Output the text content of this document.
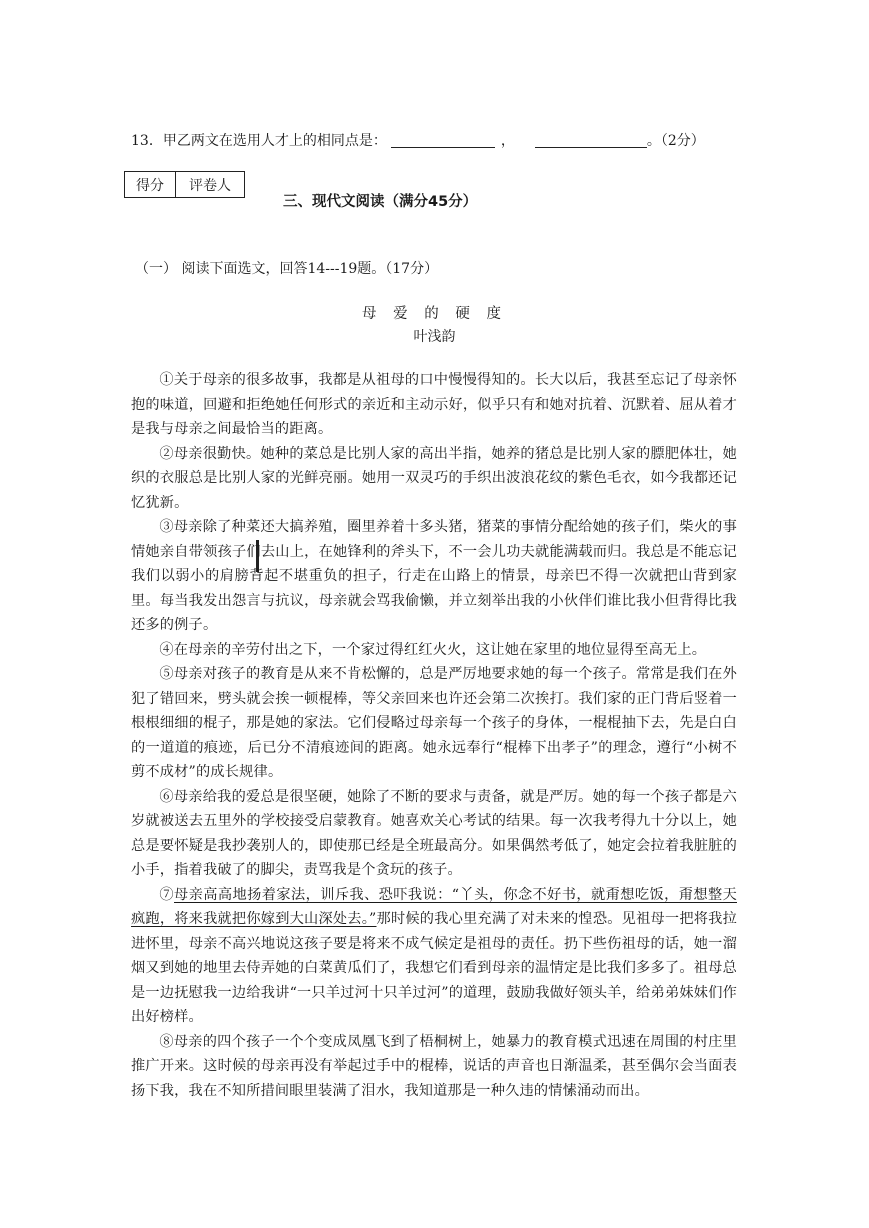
13．甲乙两文在选用人才上的相同点是：	，	。（2分）
得分	评卷人

三、现代文阅读（满分45分）
（一） 阅读下面选文，回答14---19题。（17分）
母 爱 的 硬 度
叶浅韵

①关于母亲的很多故事，我都是从祖母的口中慢慢得知的。长大以后，我甚至忘记了母亲怀抱的味道，回避和拒绝她任何形式的亲近和主动示好，似乎只有和她对抗着、沉默着、屈从着才是我与母亲之间最恰当的距离。

②母亲很勤快。她种的菜总是比别人家的高出半指，她养的猪总是比别人家的膘肥体壮，她织的衣服总是比别人家的光鲜亮丽。她用一双灵巧的手织出波浪花纹的紫色毛衣，如今我都还记忆犹新。

③母亲除了种菜还大搞养殖，圈里养着十多头猪，猪菜的事情分配给她的孩子们，柴火的事情她亲自带领孩子们去山上，在她锋利的斧头下，不一会儿功夫就能满载而归。我总是不能忘记我们以弱小的肩膀背起不堪重负的担子，行走在山路上的情景，母亲巴不得一次就把山背到家里。每当我发出怨言与抗议，母亲就会骂我偷懒，并立刻举出我的小伙伴们谁比我小但背得比我还多的例子。

④在母亲的辛劳付出之下，一个家过得红红火火，这让她在家里的地位显得至高无上。

⑤母亲对孩子的教育是从来不肯松懈的，总是严厉地要求她的每一个孩子。常常是我们在外犯了错回来，劈头就会挨一顿棍棒，等父亲回来也许还会第二次挨打。我们家的正门背后竖着一根根细细的棍子，那是她的家法。它们侵略过母亲每一个孩子的身体，一棍棍抽下去，先是白白的一道道的痕迹，后已分不清痕迹间的距离。她永远奉行“棍棒下出孝子”的理念，遵行“小树不剪不成材”的成长规律。

⑥母亲给我的爱总是很坚硬，她除了不断的要求与责备，就是严厉。她的每一个孩子都是六岁就被送去五里外的学校接受启蒙教育。她喜欢关心考试的结果。每一次我考得九十分以上，她总是要怀疑是我抄袭别人的，即使那已经是全班最高分。如果偶然考低了，她定会拉着我脏脏的小手，指着我破了的脚尖，责骂我是个贪玩的孩子。

⑦母亲高高地扬着家法，训斥我、恐吓我说：“丫头，你念不好书，就甭想吃饭，甭想整天疯跑，将来我就把你嫁到大山深处去。”那时候的我心里充满了对未来的惶恐。见祖母一把将我拉进怀里，母亲不高兴地说这孩子要是将来不成气候定是祖母的责任。扔下些伤祖母的话，她一溜烟又到她的地里去侍弄她的白菜黄瓜们了，我想它们看到母亲的温情定是比我们多多了。祖母总是一边抚慰我一边给我讲“一只羊过河十只羊过河”的道理，鼓励我做好领头羊，给弟弟妹妹们作出好榜样。

⑧母亲的四个孩子一个个变成凤凰飞到了梧桐树上，她暴力的教育模式迅速在周围的村庄里推广开来。这时候的母亲再没有举起过手中的棍棒，说话的声音也日渐温柔，甚至偶尔会当面表扬下我，我在不知所措间眼里装满了泪水，我知道那是一种久违的情愫涌动而出。
